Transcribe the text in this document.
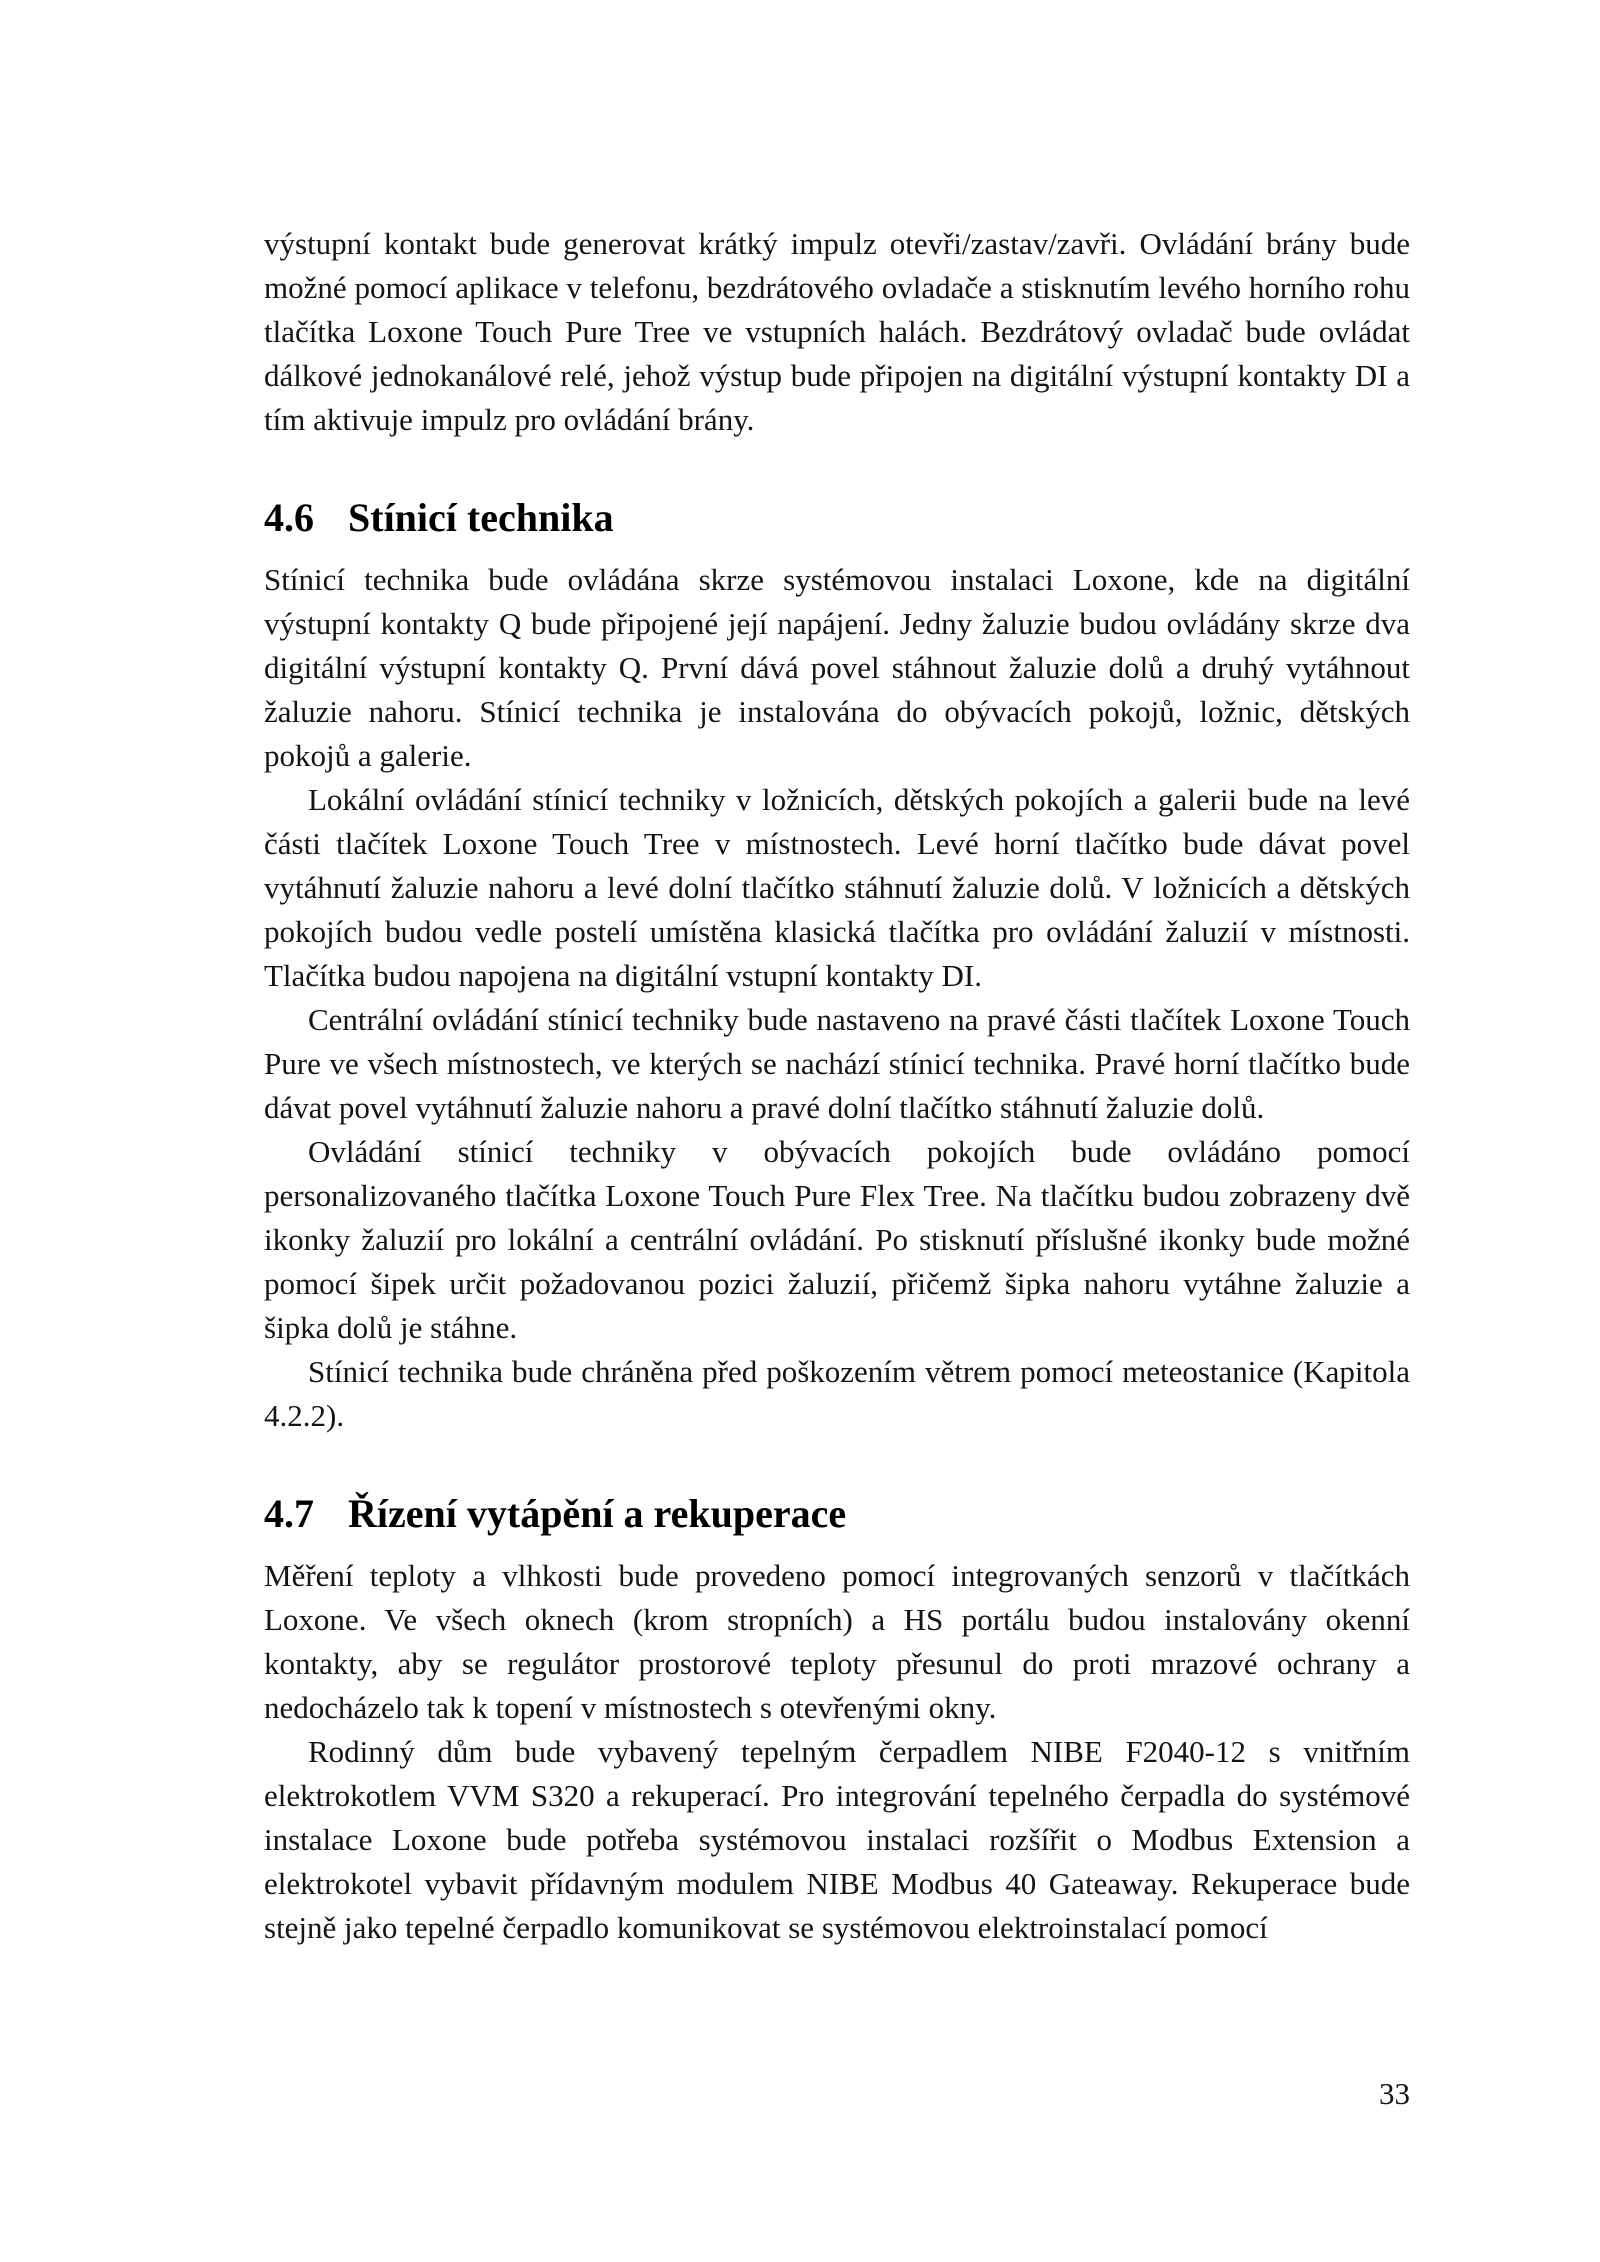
výstupní kontakt bude generovat krátký impulz otevři/zastav/zavři. Ovládání brány bude možné pomocí aplikace v telefonu, bezdrátového ovladače a stisknutím levého horního rohu tlačítka Loxone Touch Pure Tree ve vstupních halách. Bezdrátový ovladač bude ovládat dálkové jednokanálové relé, jehož výstup bude připojen na digitální výstupní kontakty DI a tím aktivuje impulz pro ovládání brány.

4.6 Stínicí technika

Stínicí technika bude ovládána skrze systémovou instalaci Loxone, kde na digitální výstupní kontakty Q bude připojené její napájení. Jedny žaluzie budou ovládány skrze dva digitální výstupní kontakty Q. První dává povel stáhnout žaluzie dolů a druhý vytáhnout žaluzie nahoru. Stínicí technika je instalována do obývacích pokojů, ložnic, dětských pokojů a galerie.

Lokální ovládání stínicí techniky v ložnicích, dětských pokojích a galerii bude na levé části tlačítek Loxone Touch Tree v místnostech. Levé horní tlačítko bude dávat povel vytáhnutí žaluzie nahoru a levé dolní tlačítko stáhnutí žaluzie dolů. V ložnicích a dětských pokojích budou vedle postelí umístěna klasická tlačítka pro ovládání žaluzií v místnosti. Tlačítka budou napojena na digitální vstupní kontakty DI.

Centrální ovládání stínicí techniky bude nastaveno na pravé části tlačítek Loxone Touch Pure ve všech místnostech, ve kterých se nachází stínicí technika. Pravé horní tlačítko bude dávat povel vytáhnutí žaluzie nahoru a pravé dolní tlačítko stáhnutí žaluzie dolů.

Ovládání stínicí techniky v obývacích pokojích bude ovládáno pomocí personalizovaného tlačítka Loxone Touch Pure Flex Tree. Na tlačítku budou zobrazeny dvě ikonky žaluzií pro lokální a centrální ovládání. Po stisknutí příslušné ikonky bude možné pomocí šipek určit požadovanou pozici žaluzií, přičemž šipka nahoru vytáhne žaluzie a šipka dolů je stáhne.

Stínicí technika bude chráněna před poškozením větrem pomocí meteostanice (Kapitola 4.2.2).

4.7 Řízení vytápění a rekuperace

Měření teploty a vlhkosti bude provedeno pomocí integrovaných senzorů v tlačítkách Loxone. Ve všech oknech (krom stropních) a HS portálu budou instalovány okenní kontakty, aby se regulátor prostorové teploty přesunul do proti mrazové ochrany a nedocházelo tak k topení v místnostech s otevřenými okny.

Rodinný dům bude vybavený tepelným čerpadlem NIBE F2040-12 s vnitřním elektrokotlem VVM S320 a rekuperací. Pro integrování tepelného čerpadla do systémové instalace Loxone bude potřeba systémovou instalaci rozšířit o Modbus Extension a elektrokotel vybavit přídavným modulem NIBE Modbus 40 Gateaway. Rekuperace bude stejně jako tepelné čerpadlo komunikovat se systémovou elektroinstalací pomocí

33
